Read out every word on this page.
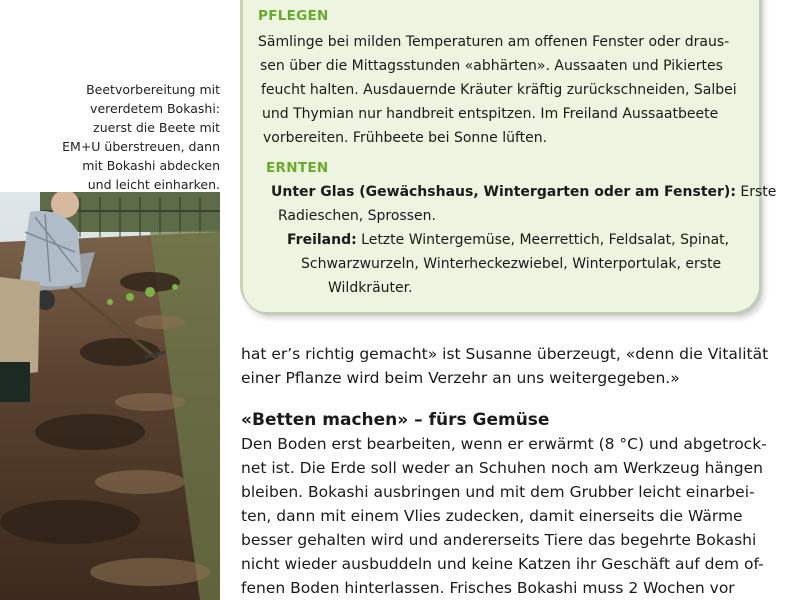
Beetvorbereitung mit
vererdetem Bokashi:
zuerst die Beete mit
EM+U überstreuen, dann
mit Bokashi abdecken
und leicht einharken.
PFLEGEN
Sämlinge bei milden Temperaturen am offenen Fenster oder draus-
sen über die Mittagsstunden «abhärten». Aussaaten und Pikiertes
feucht halten. Ausdauernde Kräuter kräftig zurückschneiden, Salbei
und Thymian nur handbreit entspitzen. Im Freiland Aussaatbeete
vorbereiten. Frühbeete bei Sonne lüften.
ERNTEN
Unter Glas (Gewächshaus, Wintergarten oder am Fenster): Erste
Radieschen, Sprossen.
Freiland: Letzte Wintergemüse, Meerrettich, Feldsalat, Spinat,
Schwarzwurzeln, Winterheckezwiebel, Winterportulak, erste
Wildkräuter.
hat er’s richtig gemacht» ist Susanne überzeugt, «denn die Vitalität
einer Pflanze wird beim Verzehr an uns weitergegeben.»
«Betten machen» – fürs Gemüse
Den Boden erst bearbeiten, wenn er erwärmt (8 °C) und abgetrock-
net ist. Die Erde soll weder an Schuhen noch am Werkzeug hängen
bleiben. Bokashi ausbringen und mit dem Grubber leicht einarbei-
ten, dann mit einem Vlies zudecken, damit einerseits die Wärme
besser gehalten wird und andererseits Tiere das begehrte Bokashi
nicht wieder ausbuddeln und keine Katzen ihr Geschäft auf dem of-
fenen Boden hinterlassen. Frisches Bokashi muss 2 Wochen vor
